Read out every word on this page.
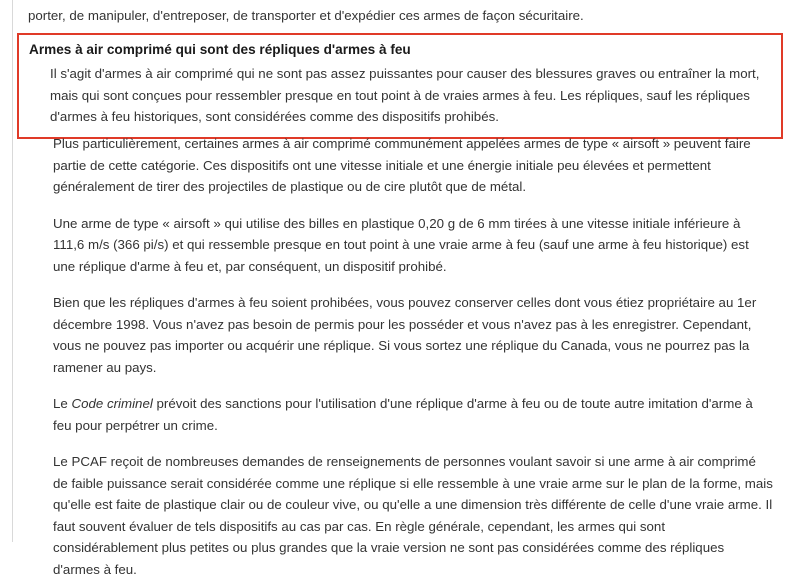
porter, de manipuler, d'entreposer, de transporter et d'expédier ces armes de façon sécuritaire.

Armes à air comprimé qui sont des répliques d'armes à feu
Il s'agit d'armes à air comprimé qui ne sont pas assez puissantes pour causer des blessures graves ou entraîner la mort, mais qui sont conçues pour ressembler presque en tout point à de vraies armes à feu. Les répliques, sauf les répliques d'armes à feu historiques, sont considérées comme des dispositifs prohibés.

Plus particulièrement, certaines armes à air comprimé communément appelées armes de type « airsoft » peuvent faire partie de cette catégorie. Ces dispositifs ont une vitesse initiale et une énergie initiale peu élevées et permettent généralement de tirer des projectiles de plastique ou de cire plutôt que de métal.

Une arme de type « airsoft » qui utilise des billes en plastique 0,20 g de 6 mm tirées à une vitesse initiale inférieure à 111,6 m/s (366 pi/s) et qui ressemble presque en tout point à une vraie arme à feu (sauf une arme à feu historique) est une réplique d'arme à feu et, par conséquent, un dispositif prohibé.

Bien que les répliques d'armes à feu soient prohibées, vous pouvez conserver celles dont vous étiez propriétaire au 1er décembre 1998. Vous n'avez pas besoin de permis pour les posséder et vous n'avez pas à les enregistrer. Cependant, vous ne pouvez pas importer ou acquérir une réplique. Si vous sortez une réplique du Canada, vous ne pourrez pas la ramener au pays.

Le Code criminel prévoit des sanctions pour l'utilisation d'une réplique d'arme à feu ou de toute autre imitation d'arme à feu pour perpétrer un crime.

Le PCAF reçoit de nombreuses demandes de renseignements de personnes voulant savoir si une arme à air comprimé de faible puissance serait considérée comme une réplique si elle ressemble à une vraie arme sur le plan de la forme, mais qu'elle est faite de plastique clair ou de couleur vive, ou qu'elle a une dimension très différente de celle d'une vraie arme. Il faut souvent évaluer de tels dispositifs au cas par cas. En règle générale, cependant, les armes qui sont considérablement plus petites ou plus grandes que la vraie version ne sont pas considérées comme des répliques d'armes à feu.
